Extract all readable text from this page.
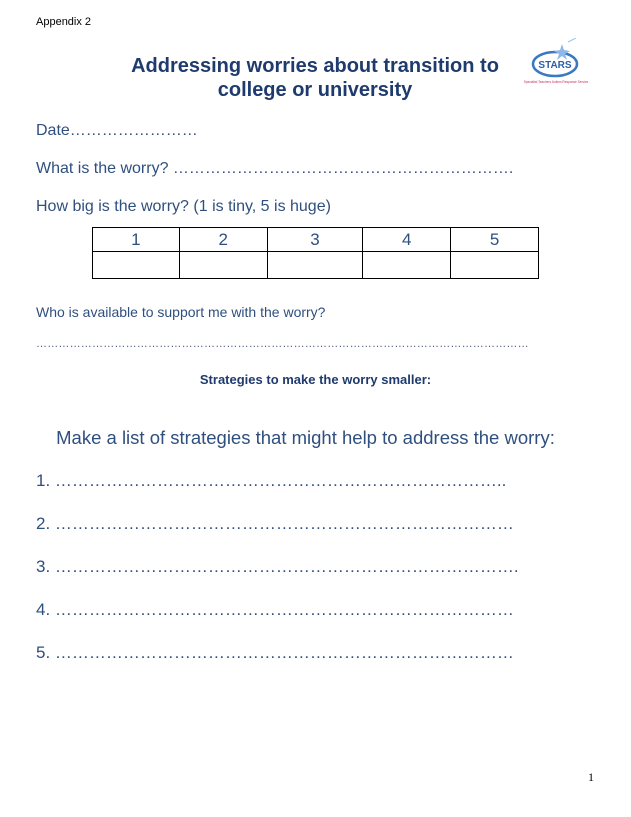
Appendix 2
Addressing worries about transition to
college or university
STARS
Specialist Teachers Autism Response Service
Date……………………
What is the worry? ……………………………………………………….
How big is the worry? (1 is tiny, 5 is huge)
1	2	3	4	5

Who is available to support me with the worry?
……………………………………………………………………………………………………………………
Strategies to make the worry smaller:
Make a list of strategies that might help to address the worry:
1. ……………………………………………………………………..
2. ………………………………………………………………………
3. ……………………………………………………………………….
4. ………………………………………………………………………
5. ………………………………………………………………………
1
